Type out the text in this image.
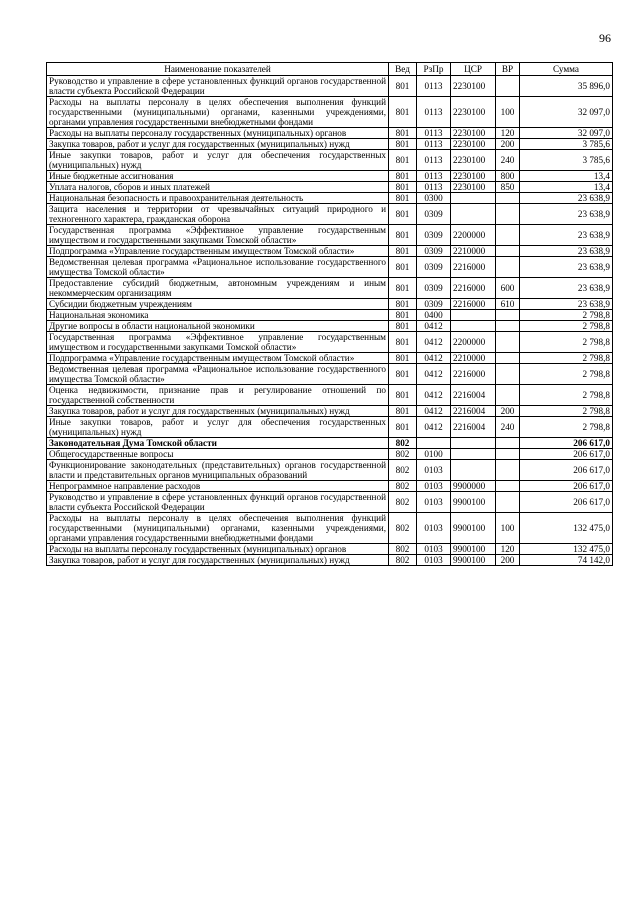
96
Наименование показателей	Вед	РзПр	ЦСР	ВР	Сумма
Руководство и управление в сфере установленных функций органов государственной власти субъекта Российской Федерации	801	0113	2230100		35 896,0
Расходы на выплаты персоналу в целях обеспечения выполнения функций государственными (муниципальными) органами, казенными учреждениями, органами управления государственными внебюджетными фондами	801	0113	2230100	100	32 097,0
Расходы на выплаты персоналу государственных (муниципальных) органов	801	0113	2230100	120	32 097,0
Закупка товаров, работ и услуг для государственных (муниципальных) нужд	801	0113	2230100	200	3 785,6
Иные закупки товаров, работ и услуг для обеспечения государственных (муниципальных) нужд	801	0113	2230100	240	3 785,6
Иные бюджетные ассигнования	801	0113	2230100	800	13,4
Уплата налогов, сборов и иных платежей	801	0113	2230100	850	13,4
Национальная безопасность и правоохранительная деятельность	801	0300			23 638,9
Защита населения и территории от чрезвычайных ситуаций природного и техногенного характера, гражданская оборона	801	0309			23 638,9
Государственная программа «Эффективное управление государственным имуществом и государственными закупками Томской области»	801	0309	2200000		23 638,9
Подпрограмма «Управление государственным имуществом Томской области»	801	0309	2210000		23 638,9
Ведомственная целевая программа «Рациональное использование государственного имущества Томской области»	801	0309	2216000		23 638,9
Предоставление субсидий бюджетным, автономным учреждениям и иным некоммерческим организациям	801	0309	2216000	600	23 638,9
Субсидии бюджетным учреждениям	801	0309	2216000	610	23 638,9
Национальная экономика	801	0400			2 798,8
Другие вопросы в области национальной экономики	801	0412			2 798,8
Государственная программа «Эффективное управление государственным имуществом и государственными закупками Томской области»	801	0412	2200000		2 798,8
Подпрограмма «Управление государственным имуществом Томской области»	801	0412	2210000		2 798,8
Ведомственная целевая программа «Рациональное использование государственного имущества Томской области»	801	0412	2216000		2 798,8
Оценка недвижимости, признание прав и регулирование отношений по государственной собственности	801	0412	2216004		2 798,8
Закупка товаров, работ и услуг для государственных (муниципальных) нужд	801	0412	2216004	200	2 798,8
Иные закупки товаров, работ и услуг для обеспечения государственных (муниципальных) нужд	801	0412	2216004	240	2 798,8
Законодательная Дума Томской области	802				206 617,0
Общегосударственные вопросы	802	0100			206 617,0
Функционирование законодательных (представительных) органов государственной власти и представительных органов муниципальных образований	802	0103			206 617,0
Непрограммное направление расходов	802	0103	9900000		206 617,0
Руководство и управление в сфере установленных функций органов государственной власти субъекта Российской Федерации	802	0103	9900100		206 617,0
Расходы на выплаты персоналу в целях обеспечения выполнения функций государственными (муниципальными) органами, казенными учреждениями, органами управления государственными внебюджетными фондами	802	0103	9900100	100	132 475,0
Расходы на выплаты персоналу государственных (муниципальных) органов	802	0103	9900100	120	132 475,0
Закупка товаров, работ и услуг для государственных (муниципальных) нужд	802	0103	9900100	200	74 142,0
